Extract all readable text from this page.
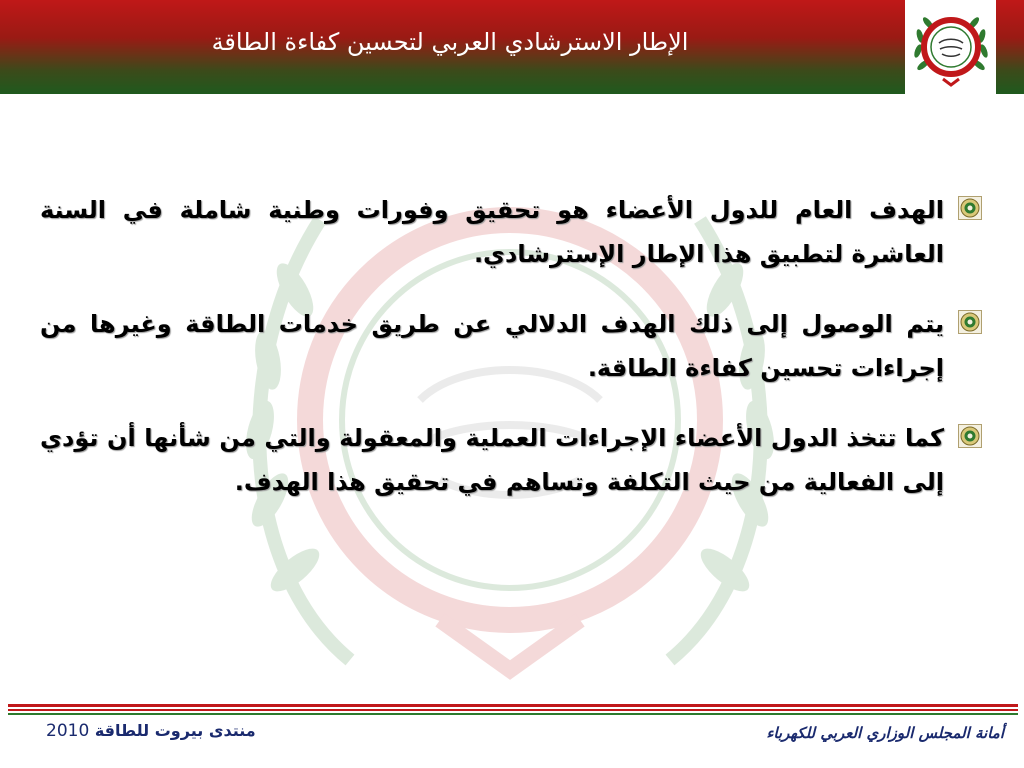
الإطار الاسترشادي العربي لتحسين كفاءة الطاقة
الهدف العام للدول الأعضاء هو تحقيق وفورات وطنية شاملة في السنة العاشرة لتطبيق هذا الإطار الإسترشادي.
يتم الوصول إلى ذلك الهدف الدلالي عن طريق خدمات الطاقة وغيرها من إجراءات تحسين كفاءة الطاقة.
كما تتخذ الدول الأعضاء الإجراءات العملية والمعقولة والتي من شأنها أن تؤدي إلى الفعالية من حيث التكلفة وتساهم في تحقيق هذا الهدف.
2010 منتدى بيروت للطاقة	أمانة المجلس الوزاري العربي للكهرباء
